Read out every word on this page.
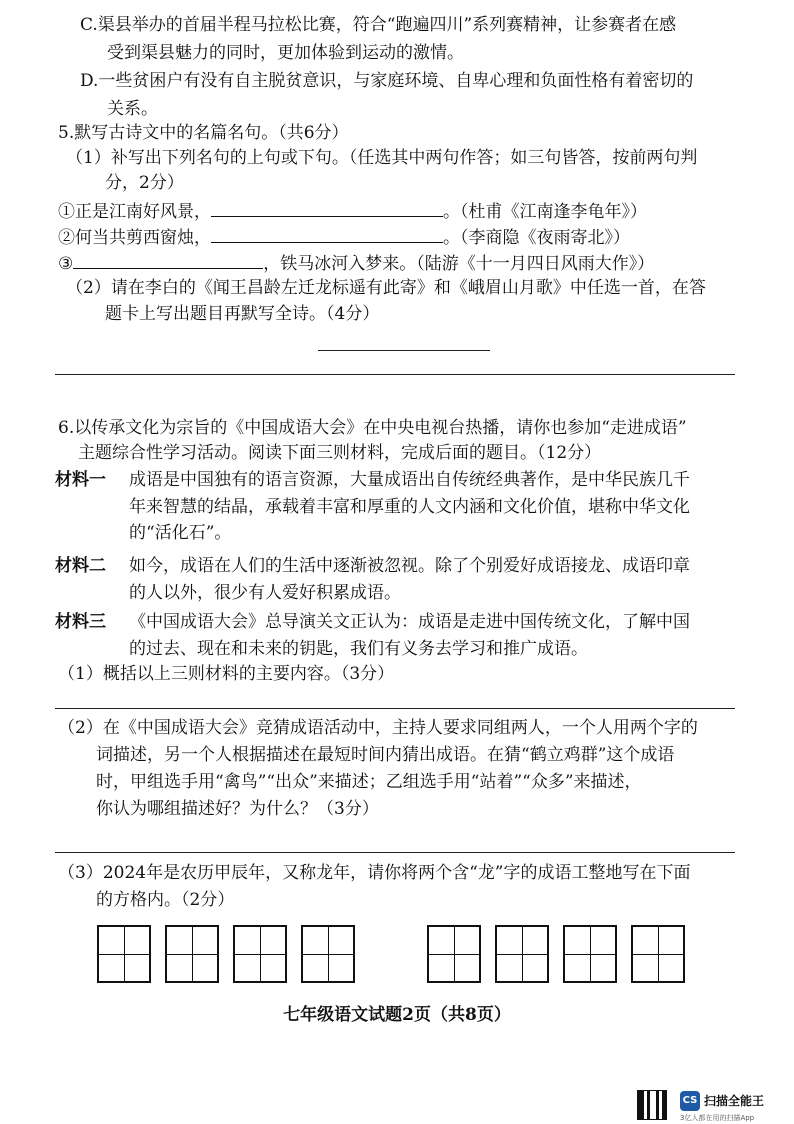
C.渠县举办的首届半程马拉松比赛，符合“跑遍四川”系列赛精神，让参赛者在感
受到渠县魅力的同时，更加体验到运动的激情。
D.一些贫困户有没有自主脱贫意识，与家庭环境、自卑心理和负面性格有着密切的
关系。
5.默写古诗文中的名篇名句。（共6分）
（1）补写出下列名句的上句或下句。（任选其中两句作答；如三句皆答，按前两句判
分，2分）
①正是江南好风景，	。（杜甫《江南逢李龟年》）
②何当共剪西窗烛，	。（李商隐《夜雨寄北》）
③	，铁马冰河入梦来。（陆游《十一月四日风雨大作》）
（2）请在李白的《闻王昌龄左迁龙标遥有此寄》和《峨眉山月歌》中任选一首，在答
题卡上写出题目再默写全诗。（4分）
6.以传承文化为宗旨的《中国成语大会》在中央电视台热播，请你也参加“走进成语”
主题综合性学习活动。阅读下面三则材料，完成后面的题目。（12分）
材料一 成语是中国独有的语言资源，大量成语出自传统经典著作，是中华民族几千
年来智慧的结晶，承载着丰富和厚重的人文内涵和文化价值，堪称中华文化
的“活化石”。
材料二 如今，成语在人们的生活中逐渐被忽视。除了个别爱好成语接龙、成语印章
的人以外，很少有人爱好积累成语。
材料三 《中国成语大会》总导演关文正认为：成语是走进中国传统文化，了解中国
的过去、现在和未来的钥匙，我们有义务去学习和推广成语。
（1）概括以上三则材料的主要内容。（3分）
（2）在《中国成语大会》竞猜成语活动中，主持人要求同组两人，一个人用两个字的
词描述，另一个人根据描述在最短时间内猜出成语。在猜“鹤立鸡群”这个成语
时，甲组选手用“禽鸟”“出众”来描述；乙组选手用“站着”“众多”来描述，
你认为哪组描述好？为什么？（3分）
（3）2024年是农历甲辰年，又称龙年，请你将两个含“龙”字的成语工整地写在下面
的方格内。（2分）
七年级语文试题2页（共8页）
CS 扫描全能王
3亿人都在用的扫描App
